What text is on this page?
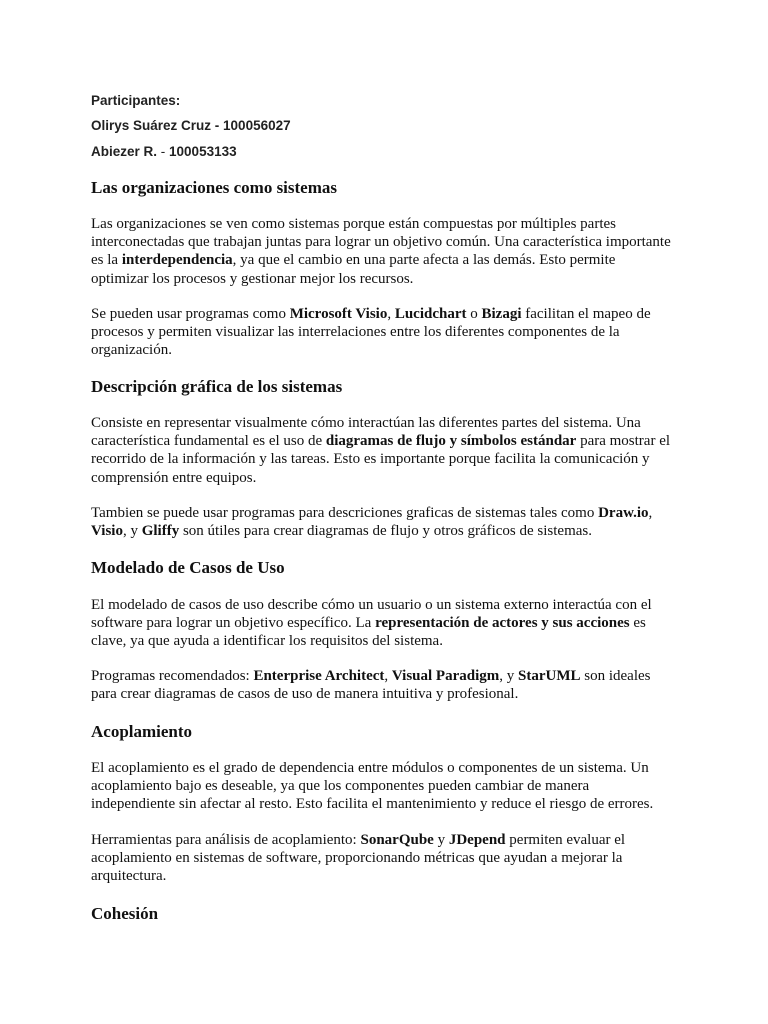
Participantes:
Olirys Suárez Cruz - 100056027
Abiezer R. - 100053133
Las organizaciones como sistemas
Las organizaciones se ven como sistemas porque están compuestas por múltiples partes
interconectadas que trabajan juntas para lograr un objetivo común. Una característica importante
es la interdependencia, ya que el cambio en una parte afecta a las demás. Esto permite
optimizar los procesos y gestionar mejor los recursos.
Se pueden usar programas como Microsoft Visio, Lucidchart o Bizagi facilitan el mapeo de
procesos y permiten visualizar las interrelaciones entre los diferentes componentes de la
organización.
Descripción gráfica de los sistemas
Consiste en representar visualmente cómo interactúan las diferentes partes del sistema. Una
característica fundamental es el uso de diagramas de flujo y símbolos estándar para mostrar el
recorrido de la información y las tareas. Esto es importante porque facilita la comunicación y
comprensión entre equipos.
Tambien se puede usar programas para descriciones graficas de sistemas tales como Draw.io,
Visio, y Gliffy son útiles para crear diagramas de flujo y otros gráficos de sistemas.
Modelado de Casos de Uso
El modelado de casos de uso describe cómo un usuario o un sistema externo interactúa con el
software para lograr un objetivo específico. La representación de actores y sus acciones es
clave, ya que ayuda a identificar los requisitos del sistema.
Programas recomendados: Enterprise Architect, Visual Paradigm, y StarUML son ideales
para crear diagramas de casos de uso de manera intuitiva y profesional.
Acoplamiento
El acoplamiento es el grado de dependencia entre módulos o componentes de un sistema. Un
acoplamiento bajo es deseable, ya que los componentes pueden cambiar de manera
independiente sin afectar al resto. Esto facilita el mantenimiento y reduce el riesgo de errores.
Herramientas para análisis de acoplamiento: SonarQube y JDepend permiten evaluar el
acoplamiento en sistemas de software, proporcionando métricas que ayudan a mejorar la
arquitectura.
Cohesión
